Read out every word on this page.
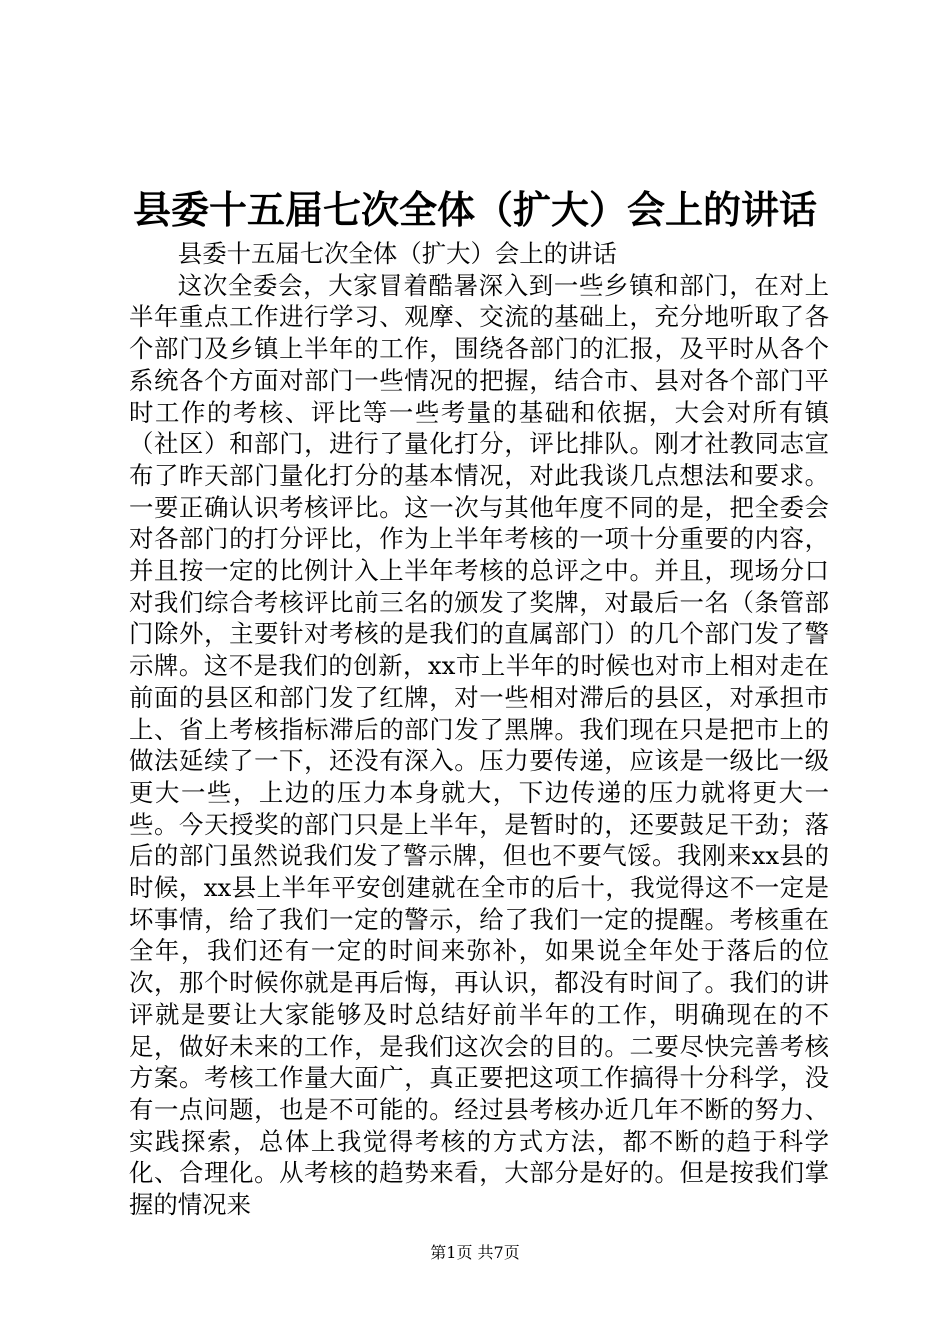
县委十五届七次全体（扩大）会上的讲话

县委十五届七次全体（扩大）会上的讲话

这次全委会，大家冒着酷暑深入到一些乡镇和部门，在对上半年重点工作进行学习、观摩、交流的基础上，充分地听取了各个部门及乡镇上半年的工作，围绕各部门的汇报，及平时从各个系统各个方面对部门一些情况的把握，结合市、县对各个部门平时工作的考核、评比等一些考量的基础和依据，大会对所有镇（社区）和部门，进行了量化打分，评比排队。刚才社教同志宣布了昨天部门量化打分的基本情况，对此我谈几点想法和要求。一要正确认识考核评比。这一次与其他年度不同的是，把全委会对各部门的打分评比，作为上半年考核的一项十分重要的内容，并且按一定的比例计入上半年考核的总评之中。并且，现场分口对我们综合考核评比前三名的颁发了奖牌，对最后一名（条管部门除外，主要针对考核的是我们的直属部门）的几个部门发了警示牌。这不是我们的创新，xx市上半年的时候也对市上相对走在前面的县区和部门发了红牌，对一些相对滞后的县区，对承担市上、省上考核指标滞后的部门发了黑牌。我们现在只是把市上的做法延续了一下，还没有深入。压力要传递，应该是一级比一级更大一些，上边的压力本身就大，下边传递的压力就将更大一些。今天授奖的部门只是上半年，是暂时的，还要鼓足干劲；落后的部门虽然说我们发了警示牌，但也不要气馁。我刚来xx县的时候，xx县上半年平安创建就在全市的后十，我觉得这不一定是坏事情，给了我们一定的警示，给了我们一定的提醒。考核重在全年，我们还有一定的时间来弥补，如果说全年处于落后的位次，那个时候你就是再后悔，再认识，都没有时间了。我们的讲评就是要让大家能够及时总结好前半年的工作，明确现在的不足，做好未来的工作，是我们这次会的目的。二要尽快完善考核方案。考核工作量大面广，真正要把这项工作搞得十分科学，没有一点问题，也是不可能的。经过县考核办近几年不断的努力、实践探索，总体上我觉得考核的方式方法，都不断的趋于科学化、合理化。从考核的趋势来看，大部分是好的。但是按我们掌握的情况来

第1页 共7页
